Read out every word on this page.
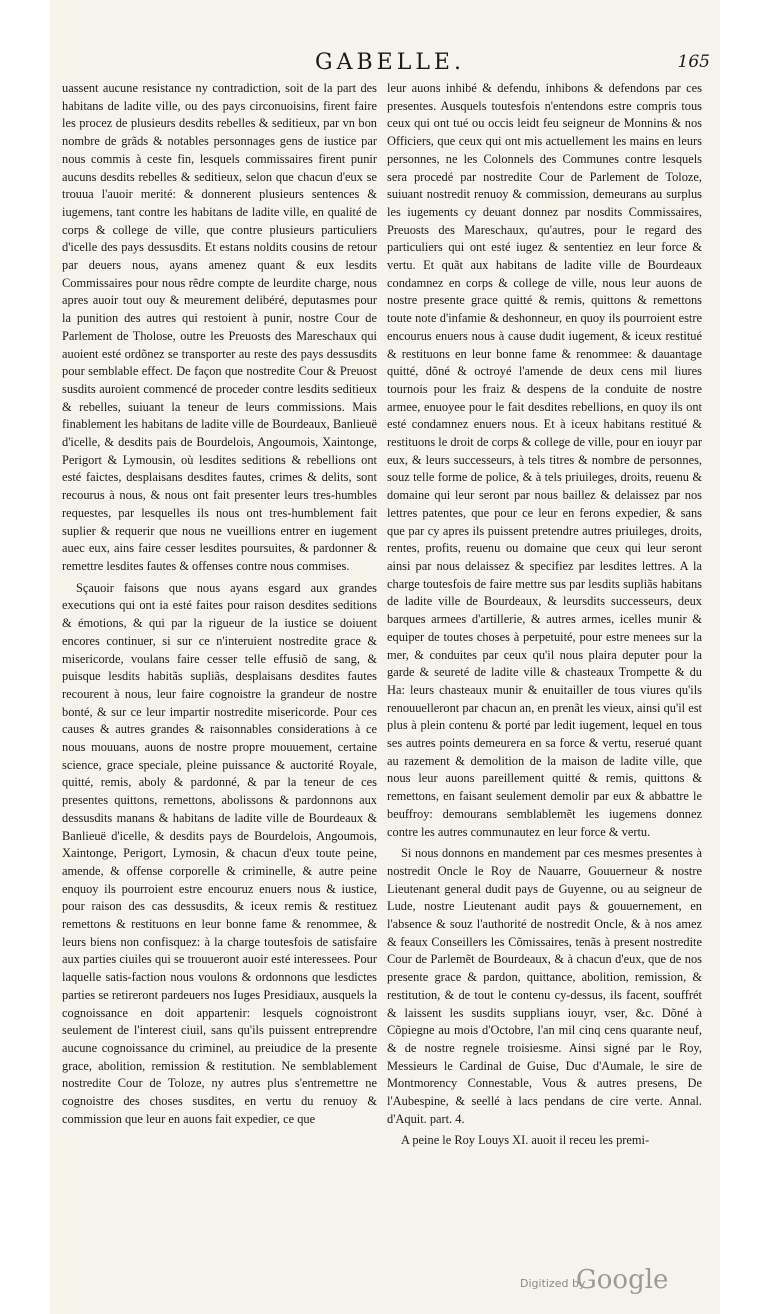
GABELLE.	165

uassent aucune resistance ny contradiction, soit de la part des habitans de ladite ville, ou des pays circonuoisins, firent faire les procez de plusieurs desdits rebelles & seditieux, par vn bon nombre de grãds & notables personnages gens de iustice par nous commis à ceste fin, lesquels commissaires firent punir aucuns desdits rebelles & seditieux, selon que chacun d'eux se trouua l'auoir merité: & donnerent plusieurs sentences & iugemens, tant contre les habitans de ladite ville, en qualité de corps & college de ville, que contre plusieurs particuliers d'icelle des pays dessusdits. Et estans noldits cousins de retour par deuers nous, ayans amenez quant & eux lesdits Commissaires pour nous rẽdre compte de leurdite charge, nous apres auoir tout ouy & meurement delibéré, deputasmes pour la punition des autres qui restoient à punir, nostre Cour de Parlement de Tholose, outre les Preuosts des Mareschaux qui auoient esté ordõnez se transporter au reste des pays dessusdits pour semblable effect. De façon que nostredite Cour & Preuost susdits auroient commencé de proceder contre lesdits seditieux & rebelles, suiuant la teneur de leurs commissions. Mais finablement les habitans de ladite ville de Bourdeaux, Banlieuë d'icelle, & desdits pais de Bourdelois, Angoumois, Xaintonge, Perigort & Lymousin, où lesdites seditions & rebellions ont esté faictes, desplaisans desdites fautes, crimes & delits, sont recourus à nous, & nous ont fait presenter leurs tres-humbles requestes, par lesquelles ils nous ont tres-humblement fait suplier & requerir que nous ne vueillions entrer en iugement auec eux, ains faire cesser lesdites poursuites, & pardonner & remettre lesdites fautes & offenses contre nous commises.

Sçauoir faisons que nous ayans esgard aux grandes executions qui ont ia esté faites pour raison desdites seditions & émotions, & qui par la rigueur de la iustice se doiuent encores continuer, si sur ce n'interuient nostredite grace & misericorde, voulans faire cesser telle effusiõ de sang, & puisque lesdits habitãs supliãs, desplaisans desdites fautes recourent à nous, leur faire cognoistre la grandeur de nostre bonté, & sur ce leur impartir nostredite misericorde. Pour ces causes & autres grandes & raisonnables considerations à ce nous mouuans, auons de nostre propre mouuement, certaine science, grace speciale, pleine puissance & auctorité Royale, quitté, remis, aboly & pardonné, & par la teneur de ces presentes quittons, remettons, abolissons & pardonnons aux dessusdits manans & habitans de ladite ville de Bourdeaux & Banlieuë d'icelle, & desdits pays de Bourdelois, Angoumois, Xaintonge, Perigort, Lymosin, & chacun d'eux toute peine, amende, & offense corporelle & criminelle, & autre peine enquoy ils pourroient estre encouruz enuers nous & iustice, pour raison des cas dessusdits, & iceux remis & restituez remettons & restituons en leur bonne fame & renommee, & leurs biens non confisquez: à la charge toutesfois de satisfaire aux parties ciuiles qui se trouueront auoir esté interessees. Pour laquelle satis-faction nous voulons & ordonnons que lesdictes parties se retireront pardeuers nos Iuges Presidiaux, ausquels la cognoissance en doit appartenir: lesquels cognoistront seulement de l'interest ciuil, sans qu'ils puissent entreprendre aucune cognoissance du criminel, au preiudice de la presente grace, abolition, remission & restitution. Ne semblablement nostredite Cour de Toloze, ny autres plus s'entremettre ne cognoistre des choses susdites, en vertu du renuoy & commission que leur en auons fait expedier, ce que

leur auons inhibé & defendu, inhibons & defendons par ces presentes. Ausquels toutesfois n'entendons estre compris tous ceux qui ont tué ou occis leidt feu seigneur de Monnins & nos Officiers, que ceux qui ont mis actuellement les mains en leurs personnes, ne les Colonnels des Communes contre lesquels sera procedé par nostredite Cour de Parlement de Toloze, suiuant nostredit renuoy & commission, demeurans au surplus les iugements cy deuant donnez par nosdits Commissaires, Preuosts des Mareschaux, qu'autres, pour le regard des particuliers qui ont esté iugez & sententiez en leur force & vertu. Et quãt aux habitans de ladite ville de Bourdeaux condamnez en corps & college de ville, nous leur auons de nostre presente grace quitté & remis, quittons & remettons toute note d'infamie & deshonneur, en quoy ils pourroient estre encourus enuers nous à cause dudit iugement, & iceux restitué & restituons en leur bonne fame & renommee: & dauantage quitté, dõné & octroyé l'amende de deux cens mil liures tournois pour les fraiz & despens de la conduite de nostre armee, enuoyee pour le fait desdites rebellions, en quoy ils ont esté condamnez enuers nous. Et à iceux habitans restitué & restituons le droit de corps & college de ville, pour en iouyr par eux, & leurs successeurs, à tels titres & nombre de personnes, souz telle forme de police, & à tels priuileges, droits, reuenu & domaine qui leur seront par nous baillez & delaissez par nos lettres patentes, que pour ce leur en ferons expedier, & sans que par cy apres ils puissent pretendre autres priuileges, droits, rentes, profits, reuenu ou domaine que ceux qui leur seront ainsi par nous delaissez & specifiez par lesdites lettres. A la charge toutesfois de faire mettre sus par lesdits supliãs habitans de ladite ville de Bourdeaux, & leursdits successeurs, deux barques armees d'artillerie, & autres armes, icelles munir & equiper de toutes choses à perpetuité, pour estre menees sur la mer, & conduites par ceux qu'il nous plaira deputer pour la garde & seureté de ladite ville & chasteaux Trompette & du Ha: leurs chasteaux munir & enuitailler de tous viures qu'ils renouuelleront par chacun an, en prenãt les vieux, ainsi qu'il est plus à plein contenu & porté par ledit iugement, lequel en tous ses autres points demeurera en sa force & vertu, reserué quant au razement & demolition de la maison de ladite ville, que nous leur auons pareillement quitté & remis, quittons & remettons, en faisant seulement demolir par eux & abbattre le beuffroy: demourans semblablemẽt les iugemens donnez contre les autres communautez en leur force & vertu.

Si nous donnons en mandement par ces mesmes presentes à nostredit Oncle le Roy de Nauarre, Gouuerneur & nostre Lieutenant general dudit pays de Guyenne, ou au seigneur de Lude, nostre Lieutenant audit pays & gouuernement, en l'absence & souz l'authorité de nostredit Oncle, & à nos amez & feaux Conseillers les Cõmissaires, tenãs à present nostredite Cour de Parlemẽt de Bourdeaux, & à chacun d'eux, que de nos presente grace & pardon, quittance, abolition, remission, & restitution, & de tout le contenu cy-dessus, ils facent, souffrét & laissent les susdits supplians iouyr, vser, &c. Dõné à Cõpiegne au mois d'Octobre, l'an mil cinq cens quarante neuf, & de nostre regnele troisiesme. Ainsi signé par le Roy, Messieurs le Cardinal de Guise, Duc d'Aumale, le sire de Montmorency Connestable, Vous & autres presens, De l'Aubespine, & seellé à lacs pendans de cire verte. Annal. d'Aquit. part. 4.

A peine le Roy Louys XI. auoit il receu les premi-

Digitized by
Google
